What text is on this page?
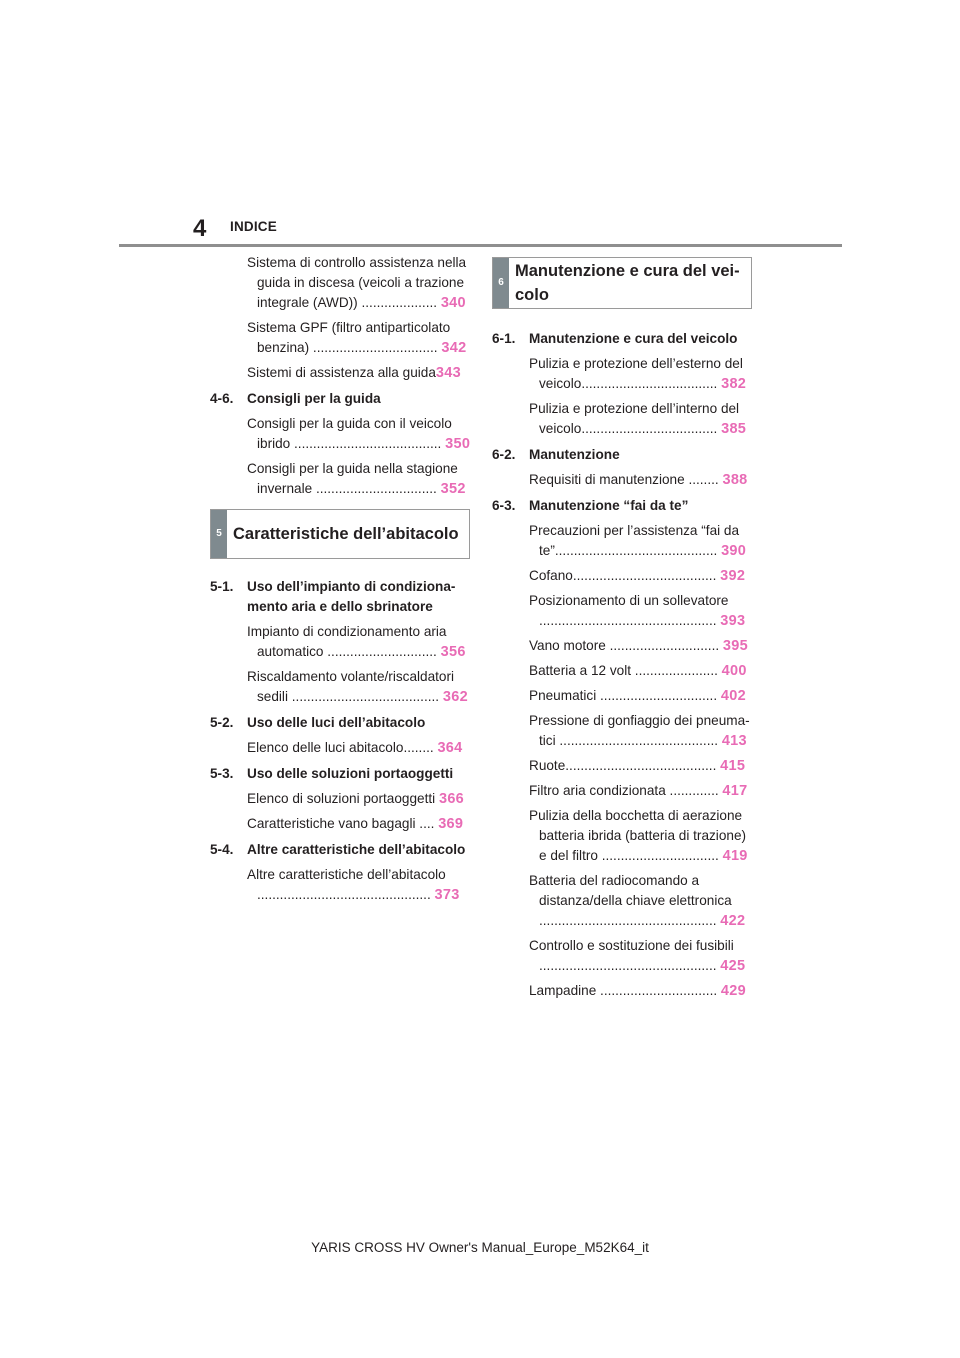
4 INDICE
Sistema di controllo assistenza nella
guida in discesa (veicoli a trazione
integrale (AWD)) .................... 340
Sistema GPF (filtro antiparticolato
benzina) ................................. 342
Sistemi di assistenza alla guida343
4-6. Consigli per la guida
Consigli per la guida con il veicolo
ibrido ....................................... 350
Consigli per la guida nella stagione
invernale ................................ 352
5 Caratteristiche dell’abitacolo
5-1. Uso dell’impianto di condiziona-
mento aria e dello sbrinatore
Impianto di condizionamento aria
automatico ............................. 356
Riscaldamento volante/riscaldatori
sedili ....................................... 362
5-2. Uso delle luci dell’abitacolo
Elenco delle luci abitacolo........ 364
5-3. Uso delle soluzioni portaoggetti
Elenco di soluzioni portaoggetti 366
Caratteristiche vano bagagli .... 369
5-4. Altre caratteristiche dell’abitacolo
Altre caratteristiche dell’abitacolo
.............................................. 373
6
Manutenzione e cura del vei-
colo
6-1. Manutenzione e cura del veicolo
Pulizia e protezione dell’esterno del
veicolo.................................... 382
Pulizia e protezione dell’interno del
veicolo.................................... 385
6-2. Manutenzione
Requisiti di manutenzione ........ 388
6-3. Manutenzione “fai da te”
Precauzioni per l’assistenza “fai da
te”........................................... 390
Cofano...................................... 392
Posizionamento di un sollevatore
............................................... 393
Vano motore ............................. 395
Batteria a 12 volt ...................... 400
Pneumatici ............................... 402
Pressione di gonfiaggio dei pneuma-
tici .......................................... 413
Ruote........................................ 415
Filtro aria condizionata ............. 417
Pulizia della bocchetta di aerazione
batteria ibrida (batteria di trazione)
e del filtro ............................... 419
Batteria del radiocomando a
distanza/della chiave elettronica
............................................... 422
Controllo e sostituzione dei fusibili
............................................... 425
Lampadine ............................... 429
YARIS CROSS HV Owner's Manual_Europe_M52K64_it
